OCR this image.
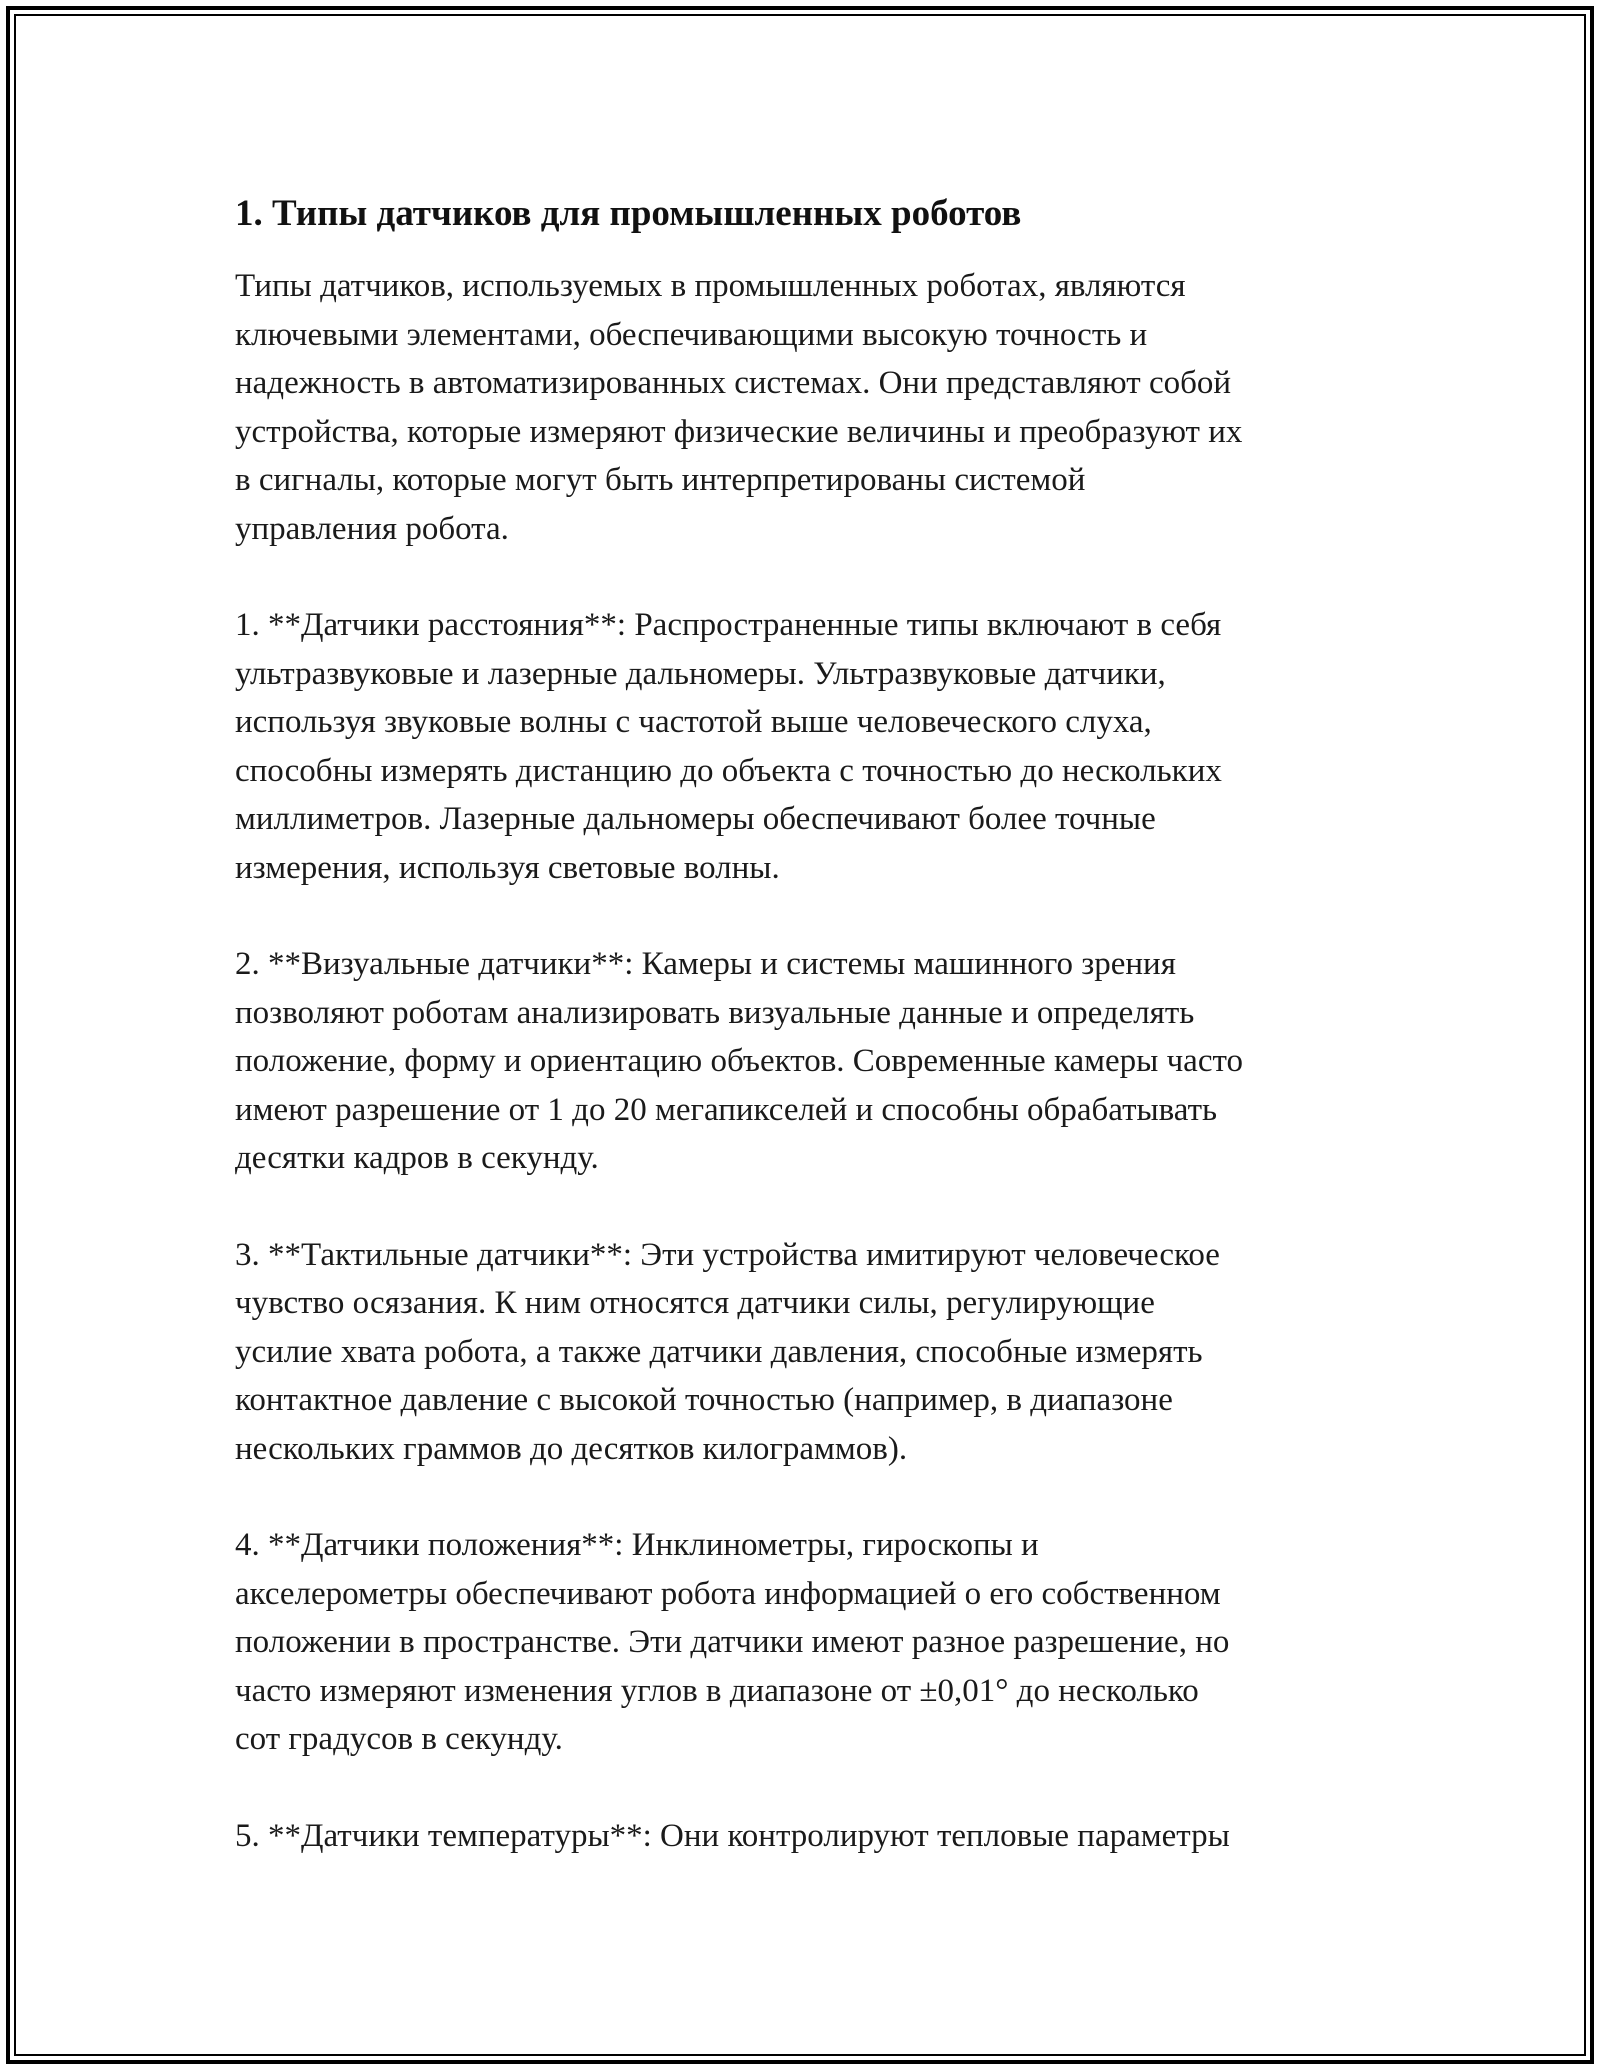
1. Типы датчиков для промышленных роботов

Типы датчиков, используемых в промышленных роботах, являются
ключевыми элементами, обеспечивающими высокую точность и
надежность в автоматизированных системах. Они представляют собой
устройства, которые измеряют физические величины и преобразуют их
в сигналы, которые могут быть интерпретированы системой
управления робота.

1. **Датчики расстояния**: Распространенные типы включают в себя
ультразвуковые и лазерные дальномеры. Ультразвуковые датчики,
используя звуковые волны с частотой выше человеческого слуха,
способны измерять дистанцию до объекта с точностью до нескольких
миллиметров. Лазерные дальномеры обеспечивают более точные
измерения, используя световые волны.

2. **Визуальные датчики**: Камеры и системы машинного зрения
позволяют роботам анализировать визуальные данные и определять
положение, форму и ориентацию объектов. Современные камеры часто
имеют разрешение от 1 до 20 мегапикселей и способны обрабатывать
десятки кадров в секунду.

3. **Тактильные датчики**: Эти устройства имитируют человеческое
чувство осязания. К ним относятся датчики силы, регулирующие
усилие хвата робота, а также датчики давления, способные измерять
контактное давление с высокой точностью (например, в диапазоне
нескольких граммов до десятков килограммов).

4. **Датчики положения**: Инклинометры, гироскопы и
акселерометры обеспечивают робота информацией о его собственном
положении в пространстве. Эти датчики имеют разное разрешение, но
часто измеряют изменения углов в диапазоне от ±0,01° до несколько
сот градусов в секунду.

5. **Датчики температуры**: Они контролируют тепловые параметры
